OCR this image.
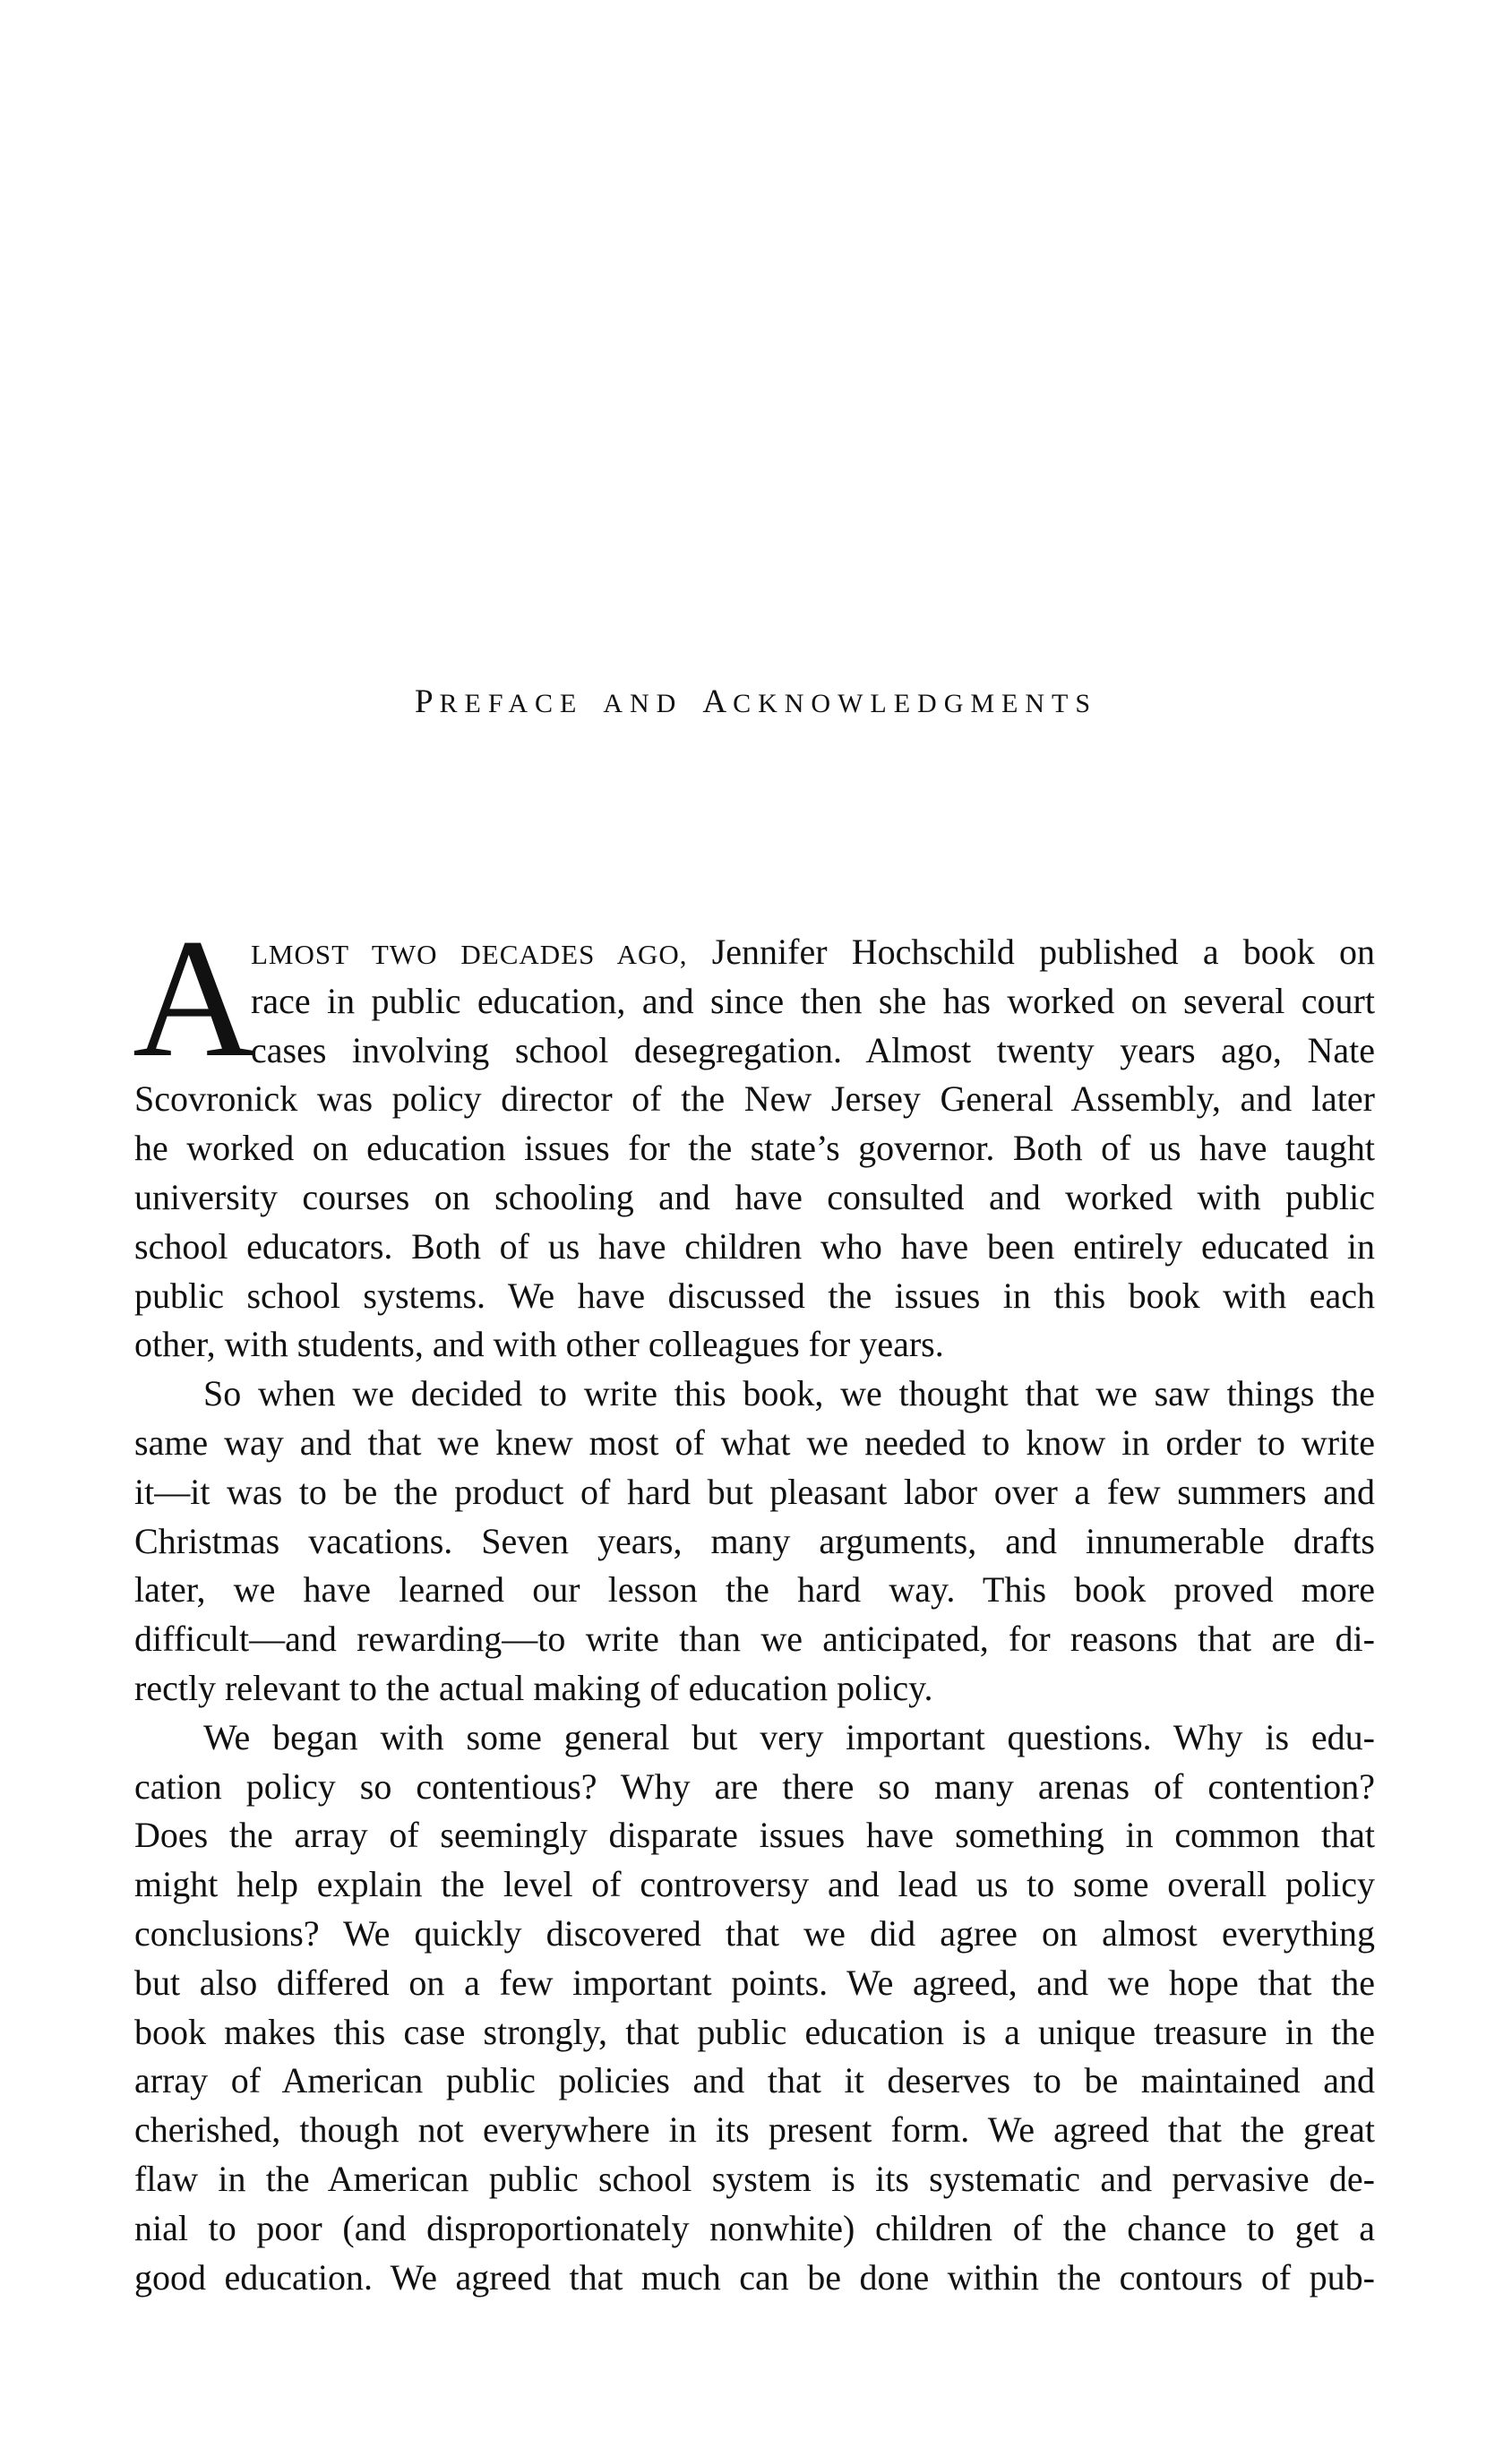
PREFACE AND ACKNOWLEDGMENTS
A
LMOST TWO DECADES AGO, Jennifer Hochschild published a book on
race in public education, and since then she has worked on several court
cases involving school desegregation. Almost twenty years ago, Nate
Scovronick was policy director of the New Jersey General Assembly, and later
he worked on education issues for the state’s governor. Both of us have taught
university courses on schooling and have consulted and worked with public
school educators. Both of us have children who have been entirely educated in
public school systems. We have discussed the issues in this book with each
other, with students, and with other colleagues for years.
So when we decided to write this book, we thought that we saw things the
same way and that we knew most of what we needed to know in order to write
it—it was to be the product of hard but pleasant labor over a few summers and
Christmas vacations. Seven years, many arguments, and innumerable drafts
later, we have learned our lesson the hard way. This book proved more
difficult—and rewarding—to write than we anticipated, for reasons that are di-
rectly relevant to the actual making of education policy.
We began with some general but very important questions. Why is edu-
cation policy so contentious? Why are there so many arenas of contention?
Does the array of seemingly disparate issues have something in common that
might help explain the level of controversy and lead us to some overall policy
conclusions? We quickly discovered that we did agree on almost everything
but also differed on a few important points. We agreed, and we hope that the
book makes this case strongly, that public education is a unique treasure in the
array of American public policies and that it deserves to be maintained and
cherished, though not everywhere in its present form. We agreed that the great
flaw in the American public school system is its systematic and pervasive de-
nial to poor (and disproportionately nonwhite) children of the chance to get a
good education. We agreed that much can be done within the contours of pub-
